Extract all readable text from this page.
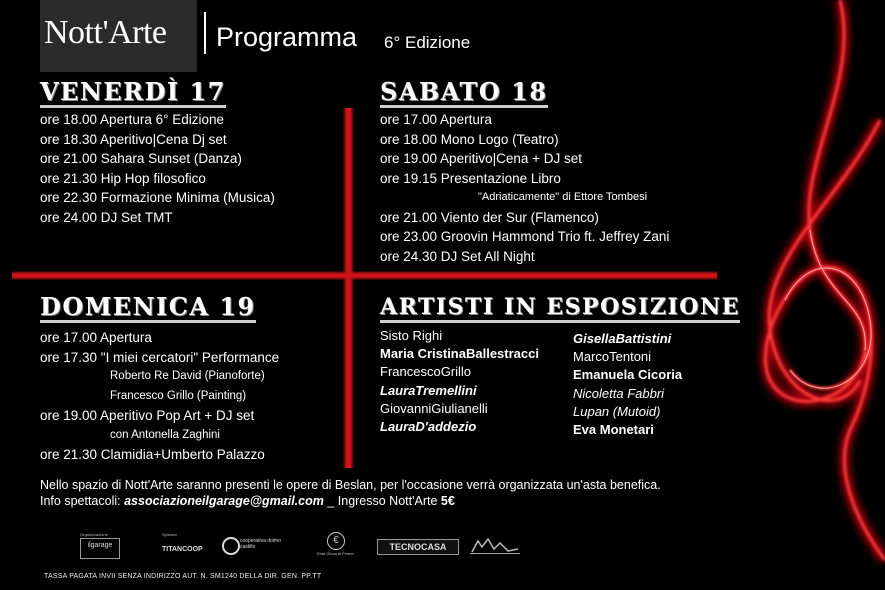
Nott'Arte Programma 6° Edizione
VENERDÌ 17
ore 18.00 Apertura 6° Edizione
ore 18.30 Aperitivo|Cena Dj set
ore 21.00 Sahara Sunset (Danza)
ore 21.30 Hip Hop filosofico
ore 22.30 Formazione Minima (Musica)
ore 24.00 DJ Set TMT
SABATO 18
ore 17.00 Apertura
ore 18.00 Mono Logo (Teatro)
ore 19.00 Aperitivo|Cena + DJ set
ore 19.15 Presentazione Libro
"Adriaticamente" di Ettore Tombesi
ore 21.00 Viento der Sur (Flamenco)
ore 23.00 Groovin Hammond Trio ft. Jeffrey Zani
ore 24.30 DJ Set All Night
DOMENICA 19
ore 17.00 Apertura
ore 17.30 "I miei cercatori" Performance
Roberto Re David (Pianoforte)
Francesco Grillo (Painting)
ore 19.00 Aperitivo Pop Art + DJ set
con Antonella Zaghini
ore 21.30 Clamidia+Umberto Palazzo
ARTISTI IN ESPOSIZIONE
Sisto Righi
Maria CristinaBallestracci
FrancescoGrillo
LauraTremellini
GiovanniGiulianelli
LauraD'addezio
GisellaBattistini
MarcoTentoni
Emanuela Cicoria
Nicoletta Fabbri
Lupan (Mutoid)
Eva Monetari
Nello spazio di Nott'Arte saranno presenti le opere di Beslan, per l'occasione verrà organizzata un'asta benefica.
Info spettacoli: associazioneilgarage@gmail.com _ Ingresso Nott'Arte 5€
Organizzazione	Sponsor
ilgarage
TITANCOOP
cooperativa dolmo castillo
€
Ente Giova di Fermo
TECNOCASA
TASSA PAGATA INVII SENZA INDIRIZZO AUT. N. SM1240 DELLA DIR. GEN. PP.TT
